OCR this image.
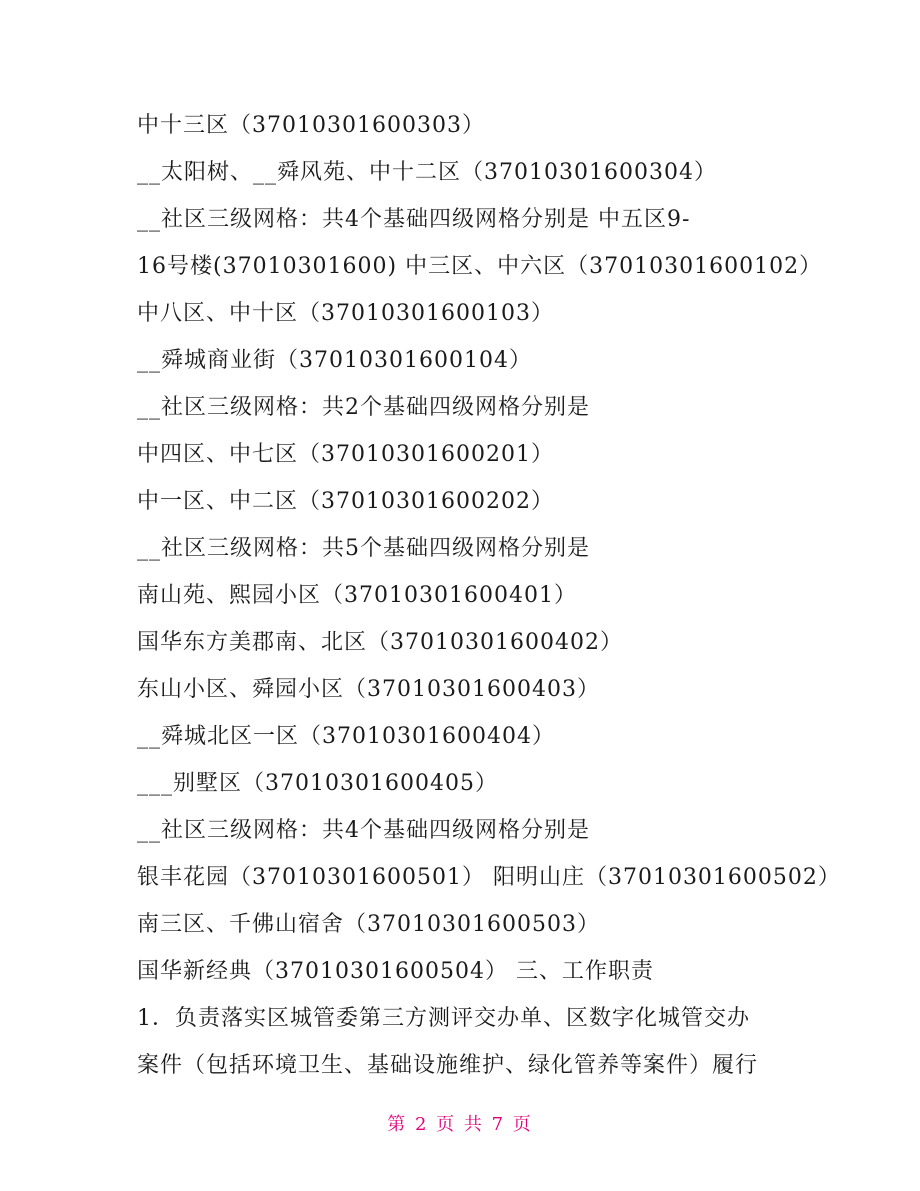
中十三区（37010301600303）
__太阳树、__舜风苑、中十二区（37010301600304）
__社区三级网格：共4个基础四级网格分别是 中五区9-
16号楼(37010301600) 中三区、中六区（37010301600102）
中八区、中十区（37010301600103）
__舜城商业街（37010301600104）
__社区三级网格：共2个基础四级网格分别是
中四区、中七区（37010301600201）
中一区、中二区（37010301600202）
__社区三级网格：共5个基础四级网格分别是
南山苑、熙园小区（37010301600401）
国华东方美郡南、北区（37010301600402）
东山小区、舜园小区（37010301600403）
__舜城北区一区（37010301600404）
___别墅区（37010301600405）
__社区三级网格：共4个基础四级网格分别是
银丰花园（37010301600501） 阳明山庄（37010301600502）
南三区、千佛山宿舍（37010301600503）
国华新经典（37010301600504） 三、工作职责
1．负责落实区城管委第三方测评交办单、区数字化城管交办
案件（包括环境卫生、基础设施维护、绿化管养等案件）履行
第 2 页 共 7 页
